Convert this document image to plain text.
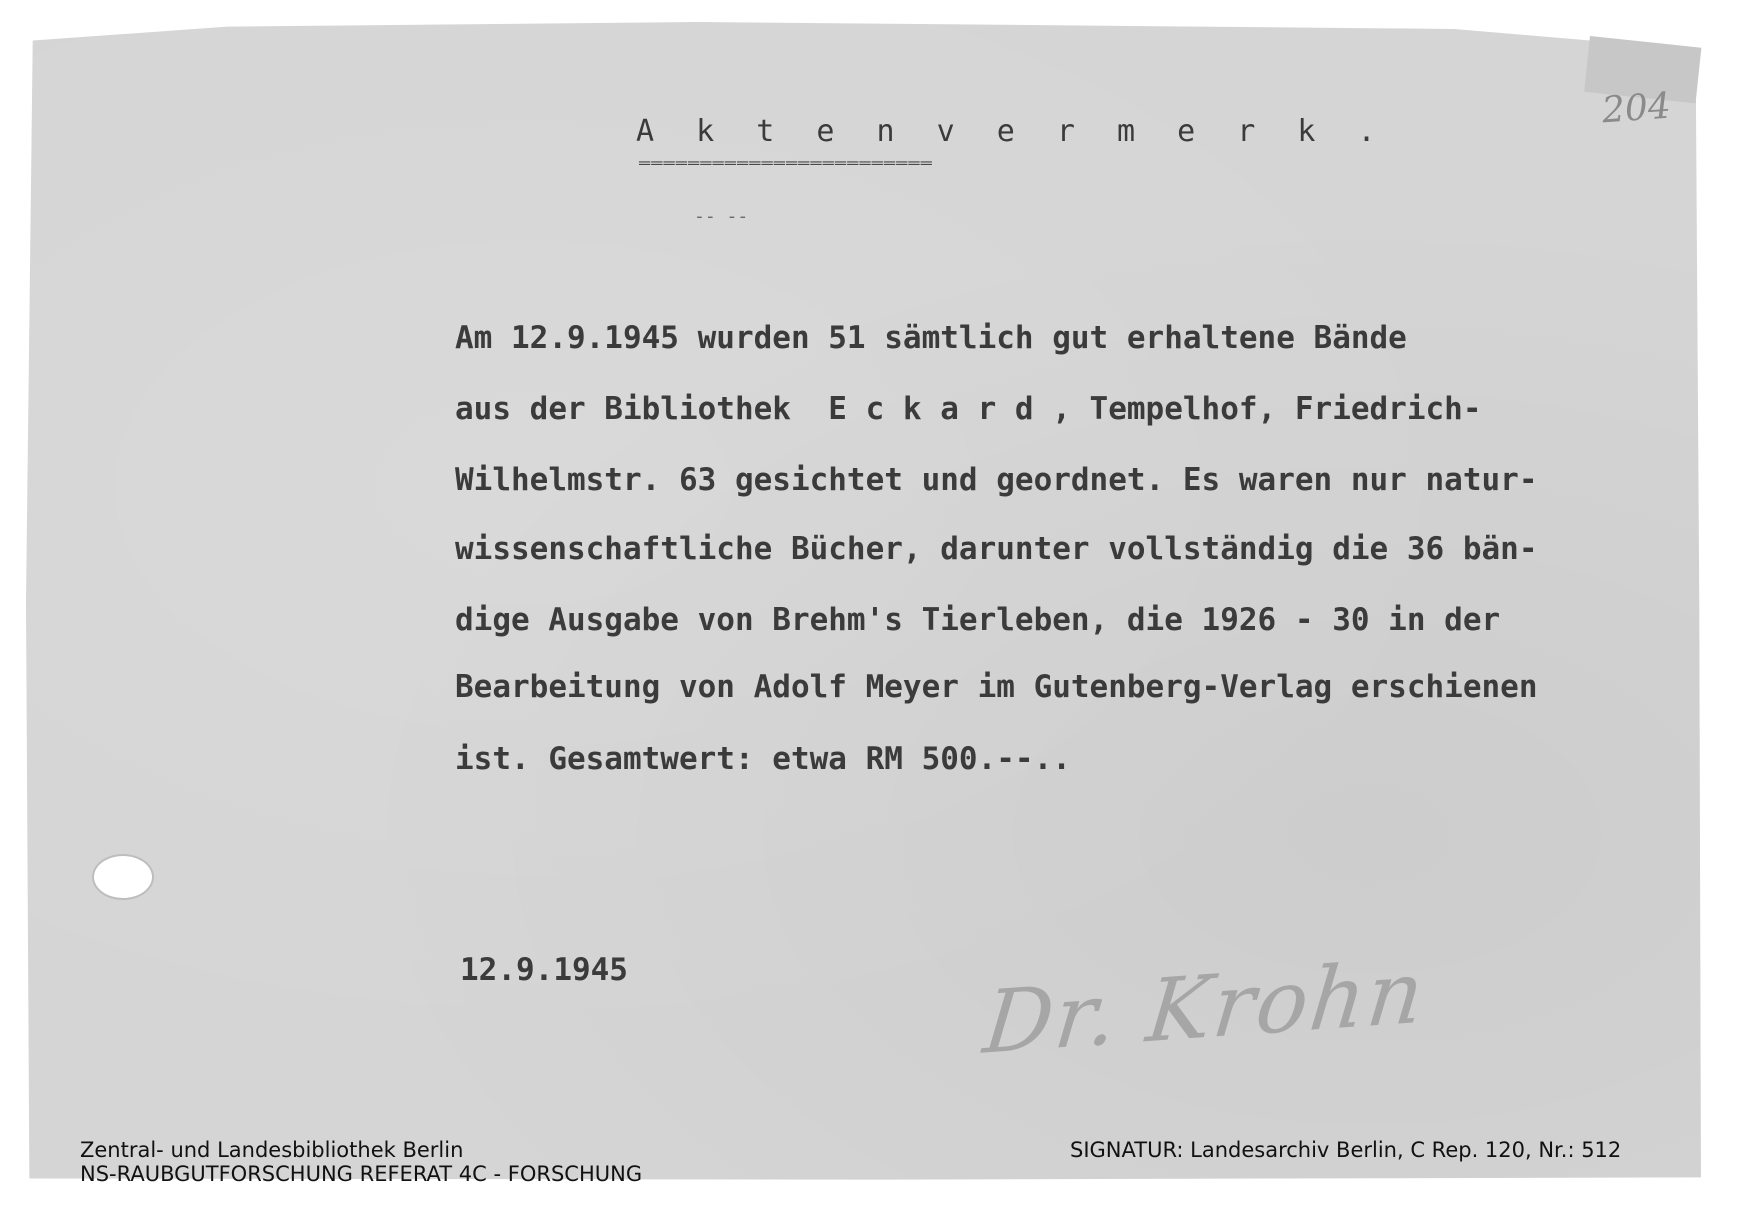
204
A k t e n v e r m e r k .
========================
-- --
Am 12.9.1945 wurden 51 sämtlich gut erhaltene Bände
aus der Bibliothek  E c k a r d , Tempelhof, Friedrich-
Wilhelmstr. 63 gesichtet und geordnet. Es waren nur natur-
wissenschaftliche Bücher, darunter vollständig die 36 bän-
dige Ausgabe von Brehm's Tierleben, die 1926 - 30 in der
Bearbeitung von Adolf Meyer im Gutenberg-Verlag erschienen
ist. Gesamtwert: etwa RM 500.--..
12.9.1945	Dr. Krohn
Zentral- und Landesbibliothek Berlin
NS-RAUBGUTFORSCHUNG REFERAT 4C - FORSCHUNG
SIGNATUR: Landesarchiv Berlin, C Rep. 120, Nr.: 512
